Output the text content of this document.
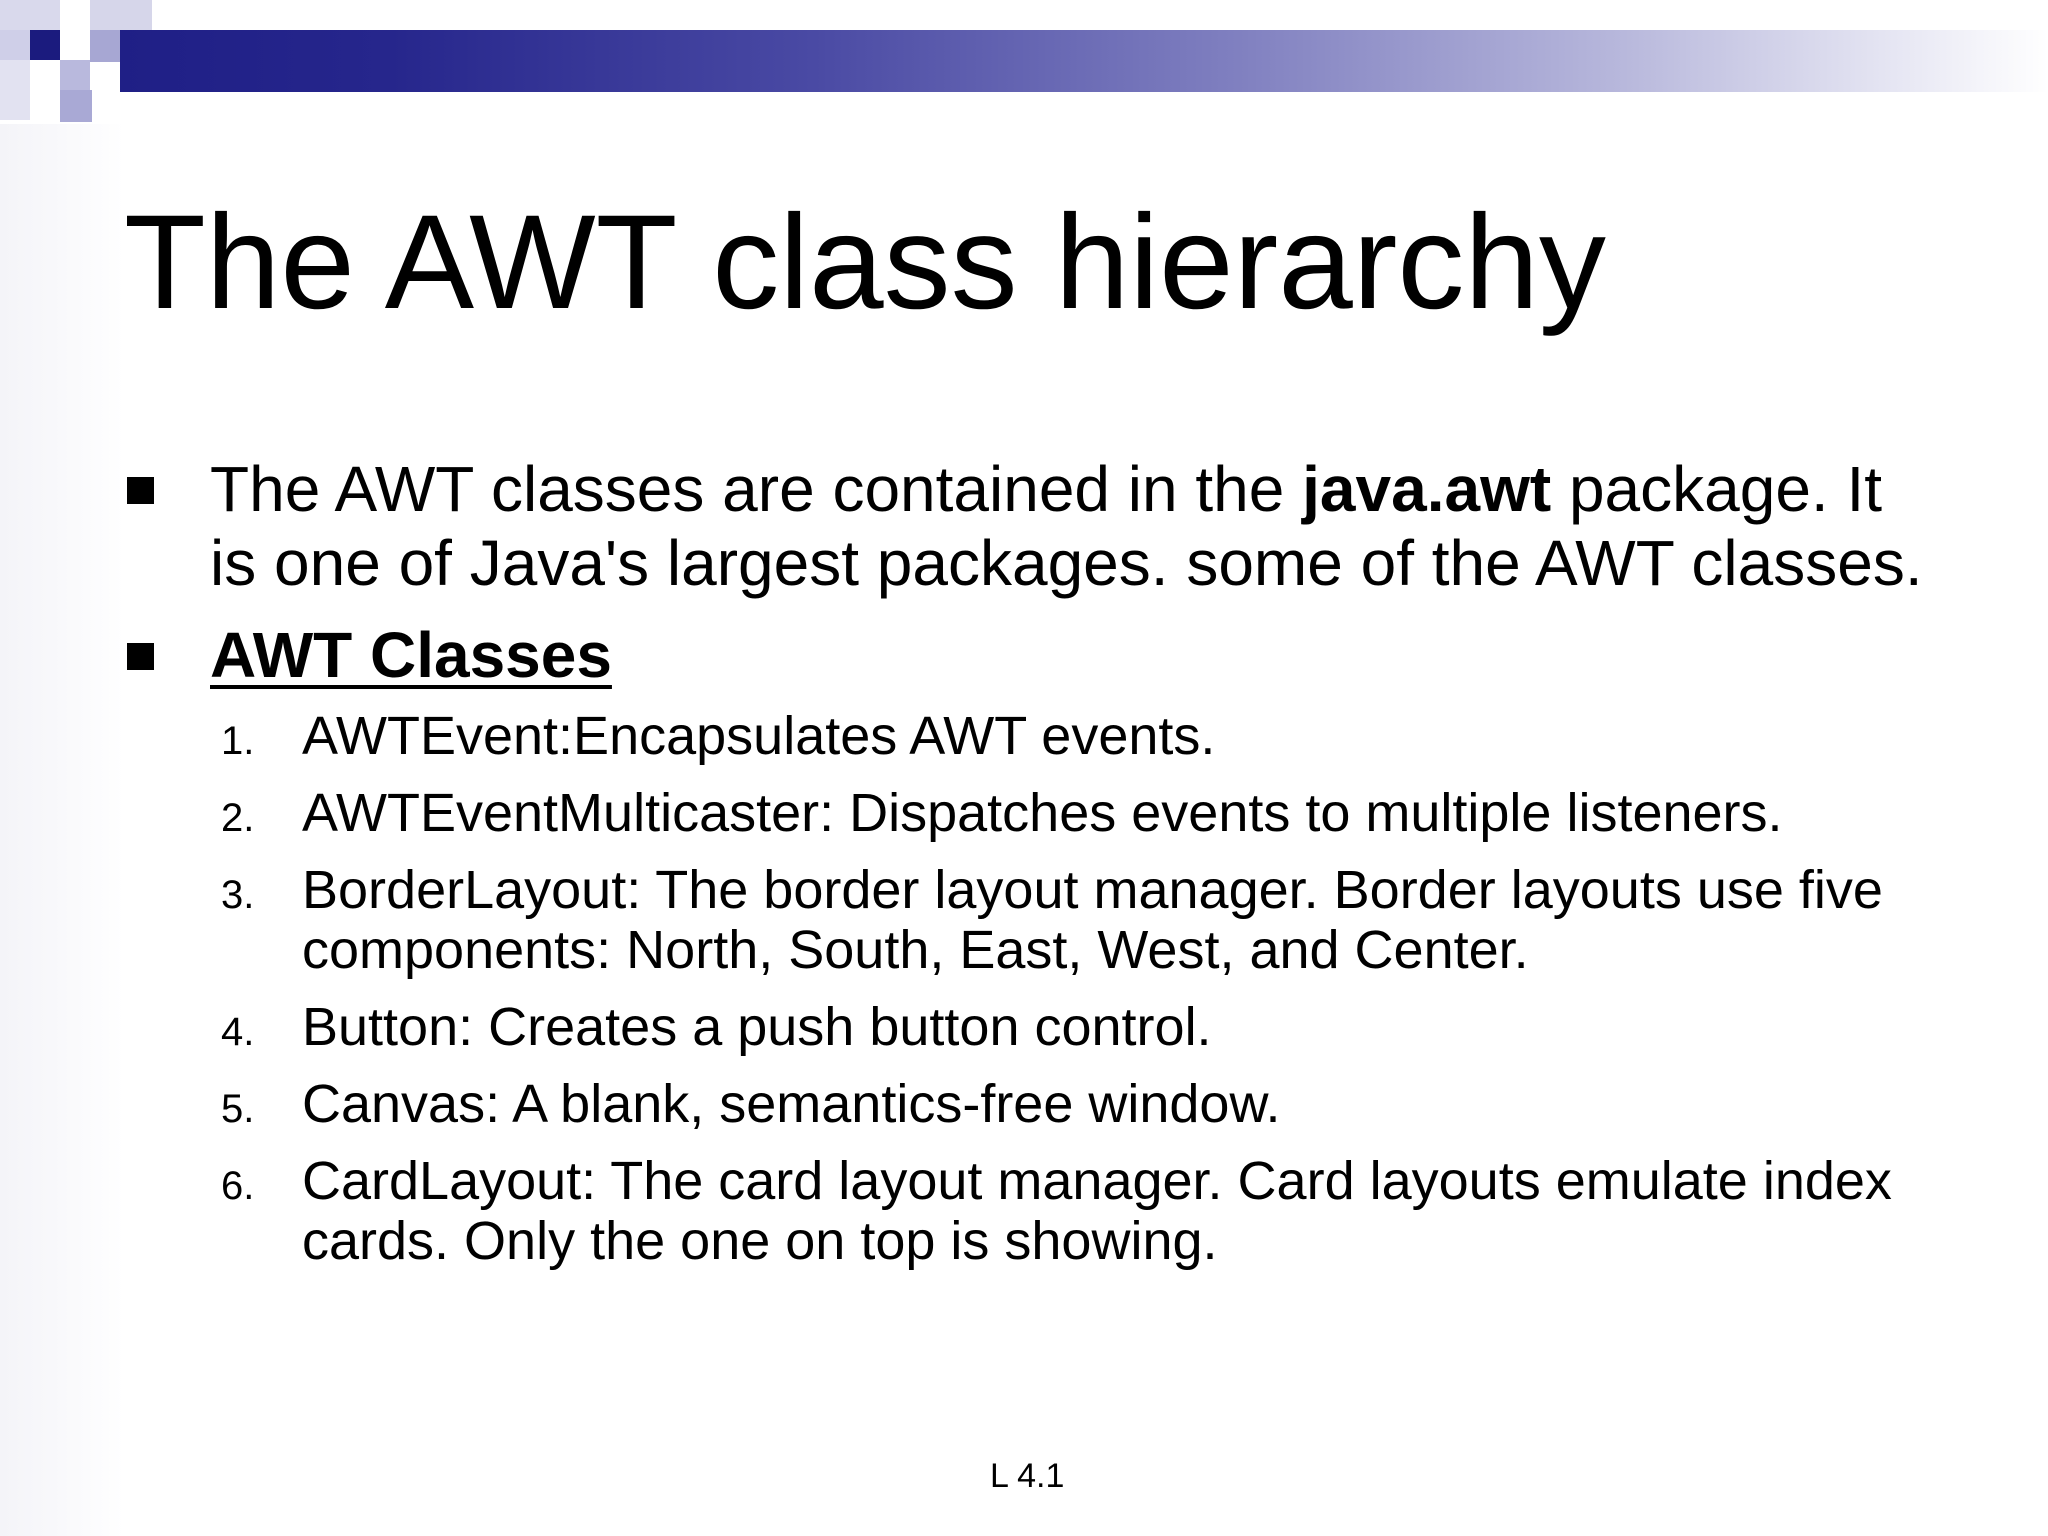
The AWT class hierarchy
The AWT classes are contained in the java.awt package. It is one of Java's largest packages. some of the AWT classes.
AWT Classes
1. AWTEvent:Encapsulates AWT events.
2. AWTEventMulticaster: Dispatches events to multiple listeners.
3. BorderLayout: The border layout manager. Border layouts use five components: North, South, East, West, and Center.
4. Button: Creates a push button control.
5. Canvas: A blank, semantics-free window.
6. CardLayout: The card layout manager. Card layouts emulate index cards. Only the one on top is showing.
L 4.1
